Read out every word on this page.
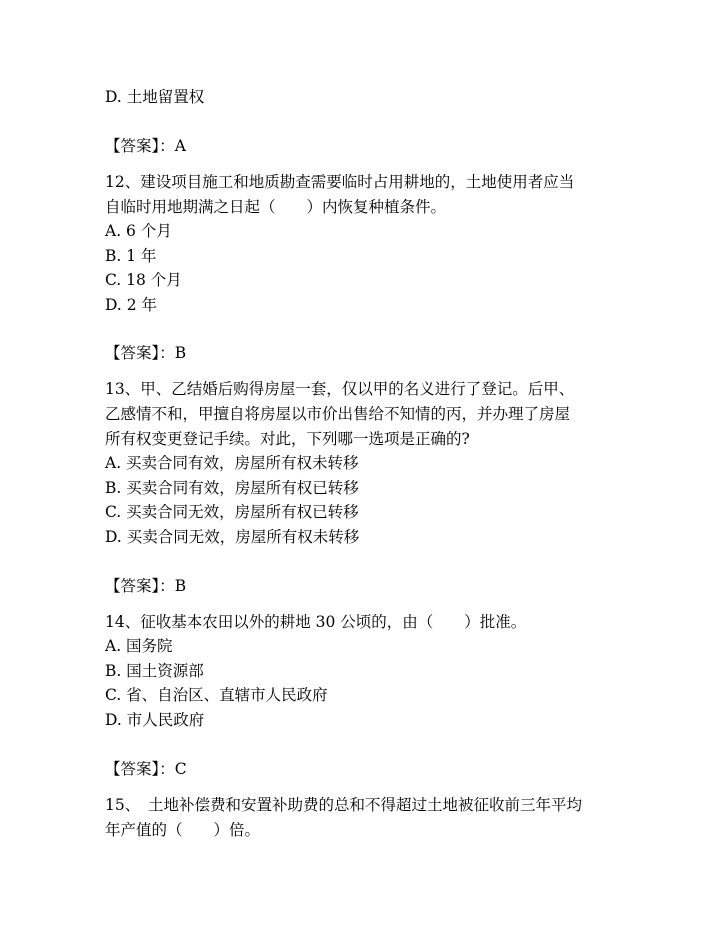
D. 土地留置权
【答案】：A
12、建设项目施工和地质勘查需要临时占用耕地的，土地使用者应当
自临时用地期满之日起（　　）内恢复种植条件。
A. 6 个月
B. 1 年
C. 18 个月
D. 2 年
【答案】：B
13、甲、乙结婚后购得房屋一套，仅以甲的名义进行了登记。后甲、
乙感情不和，甲擅自将房屋以市价出售给不知情的丙，并办理了房屋
所有权变更登记手续。对此，下列哪一选项是正确的?
A. 买卖合同有效，房屋所有权未转移
B. 买卖合同有效，房屋所有权已转移
C. 买卖合同无效，房屋所有权已转移
D. 买卖合同无效，房屋所有权未转移
【答案】：B
14、征收基本农田以外的耕地 30 公顷的，由（　　）批准。
A. 国务院
B. 国土资源部
C. 省、自治区、直辖市人民政府
D. 市人民政府
【答案】：C
15、　土地补偿费和安置补助费的总和不得超过土地被征收前三年平均
年产值的（　　）倍。
